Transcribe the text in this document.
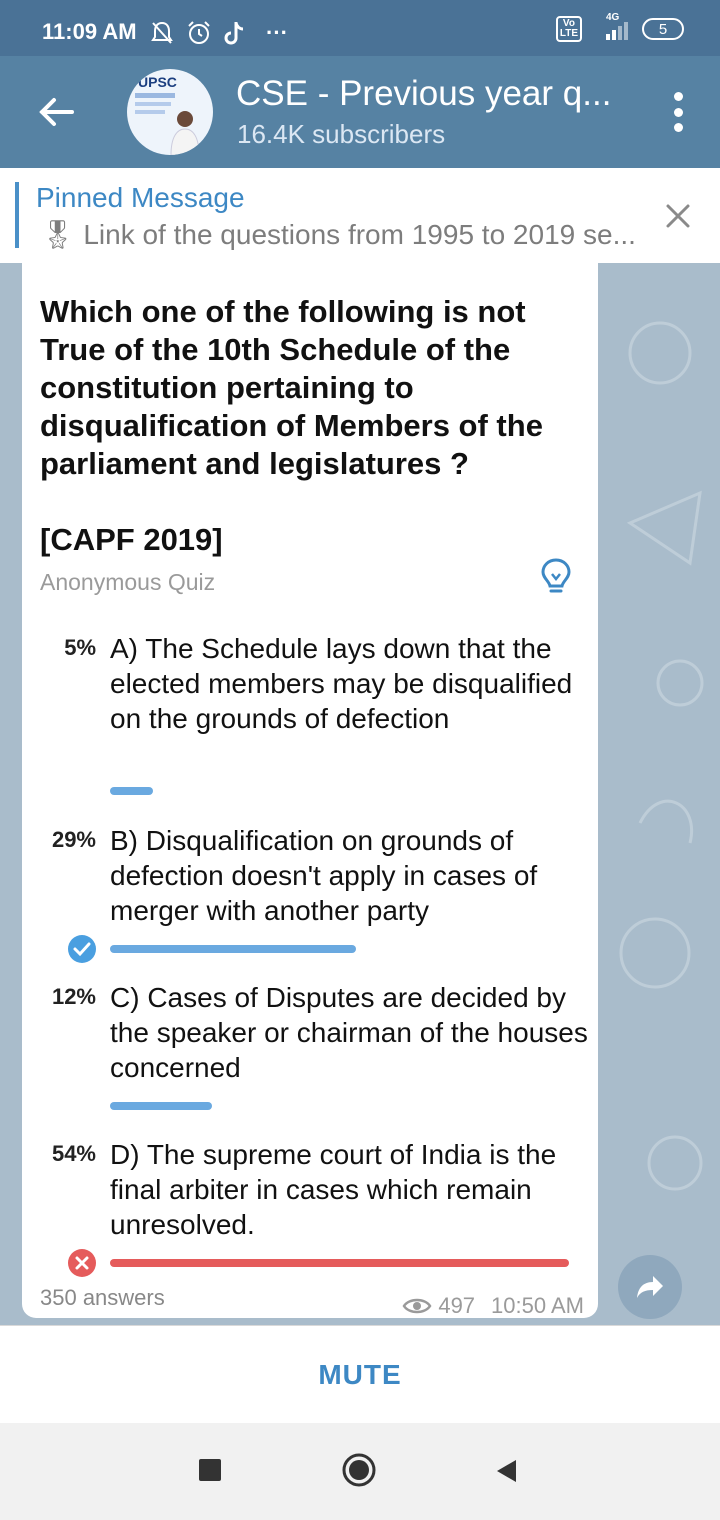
11:09 AM	···	Vo
LTE
4G
5
UPSC CSE - Previous year q...
16.4K subscribers
Pinned Message
🎖 Link of the questions from 1995 to 2019 se...
Which one of the following is not True of the 10th Schedule of the constitution pertaining to disqualification of Members of the parliament and legislatures ?

[CAPF 2019]
Anonymous Quiz
5% A) The Schedule lays down that the elected members may be disqualified on the grounds of defection
29% B) Disqualification on grounds of defection doesn't apply in cases of merger with another party
12% C) Cases of Disputes are decided by the speaker or chairman of the houses concerned
54% D) The supreme court of India is the final arbiter in cases which remain unresolved.
350 answers	497 10:50 AM
MUTE
